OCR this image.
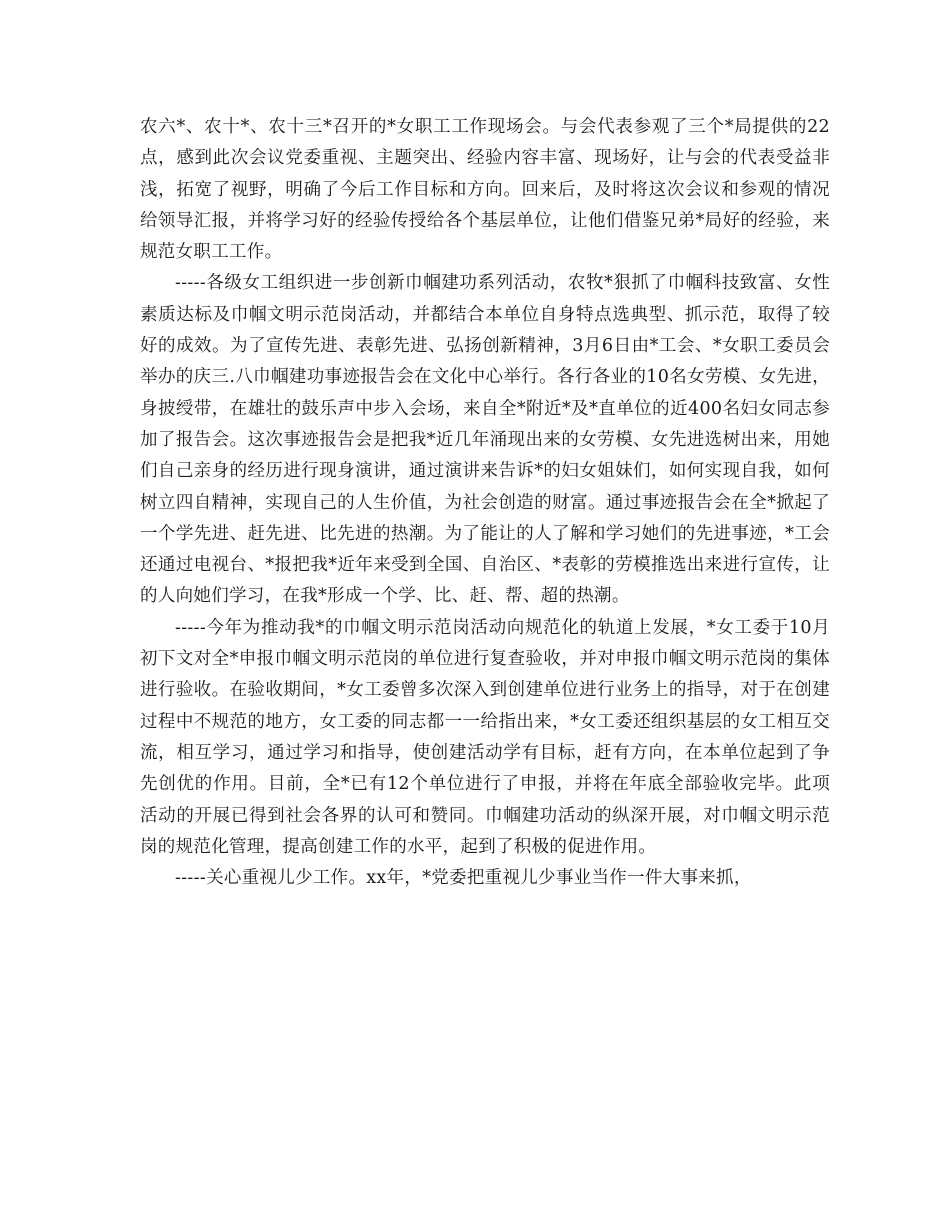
农六*、农十*、农十三*召开的*女职工工作现场会。与会代表参观了三个*局提供的22点，感到此次会议党委重视、主题突出、经验内容丰富、现场好，让与会的代表受益非浅，拓宽了视野，明确了今后工作目标和方向。回来后，及时将这次会议和参观的情况给领导汇报，并将学习好的经验传授给各个基层单位，让他们借鉴兄弟*局好的经验，来规范女职工工作。

-----各级女工组织进一步创新巾帼建功系列活动，农牧*狠抓了巾帼科技致富、女性素质达标及巾帼文明示范岗活动，并都结合本单位自身特点选典型、抓示范，取得了较好的成效。为了宣传先进、表彰先进、弘扬创新精神，3月6日由*工会、*女职工委员会举办的庆三.八巾帼建功事迹报告会在文化中心举行。各行各业的10名女劳模、女先进，身披绶带，在雄壮的鼓乐声中步入会场，来自全*附近*及*直单位的近400名妇女同志参加了报告会。这次事迹报告会是把我*近几年涌现出来的女劳模、女先进选树出来，用她们自己亲身的经历进行现身演讲，通过演讲来告诉*的妇女姐妹们，如何实现自我，如何树立四自精神，实现自己的人生价值，为社会创造的财富。通过事迹报告会在全*掀起了一个学先进、赶先进、比先进的热潮。为了能让的人了解和学习她们的先进事迹，*工会还通过电视台、*报把我*近年来受到全国、自治区、*表彰的劳模推选出来进行宣传，让的人向她们学习，在我*形成一个学、比、赶、帮、超的热潮。

-----今年为推动我*的巾帼文明示范岗活动向规范化的轨道上发展，*女工委于10月初下文对全*申报巾帼文明示范岗的单位进行复查验收，并对申报巾帼文明示范岗的集体进行验收。在验收期间，*女工委曾多次深入到创建单位进行业务上的指导，对于在创建过程中不规范的地方，女工委的同志都一一给指出来，*女工委还组织基层的女工相互交流，相互学习，通过学习和指导，使创建活动学有目标，赶有方向，在本单位起到了争先创优的作用。目前，全*已有12个单位进行了申报，并将在年底全部验收完毕。此项活动的开展已得到社会各界的认可和赞同。巾帼建功活动的纵深开展，对巾帼文明示范岗的规范化管理，提高创建工作的水平，起到了积极的促进作用。

-----关心重视儿少工作。xx年，*党委把重视儿少事业当作一件大事来抓，
